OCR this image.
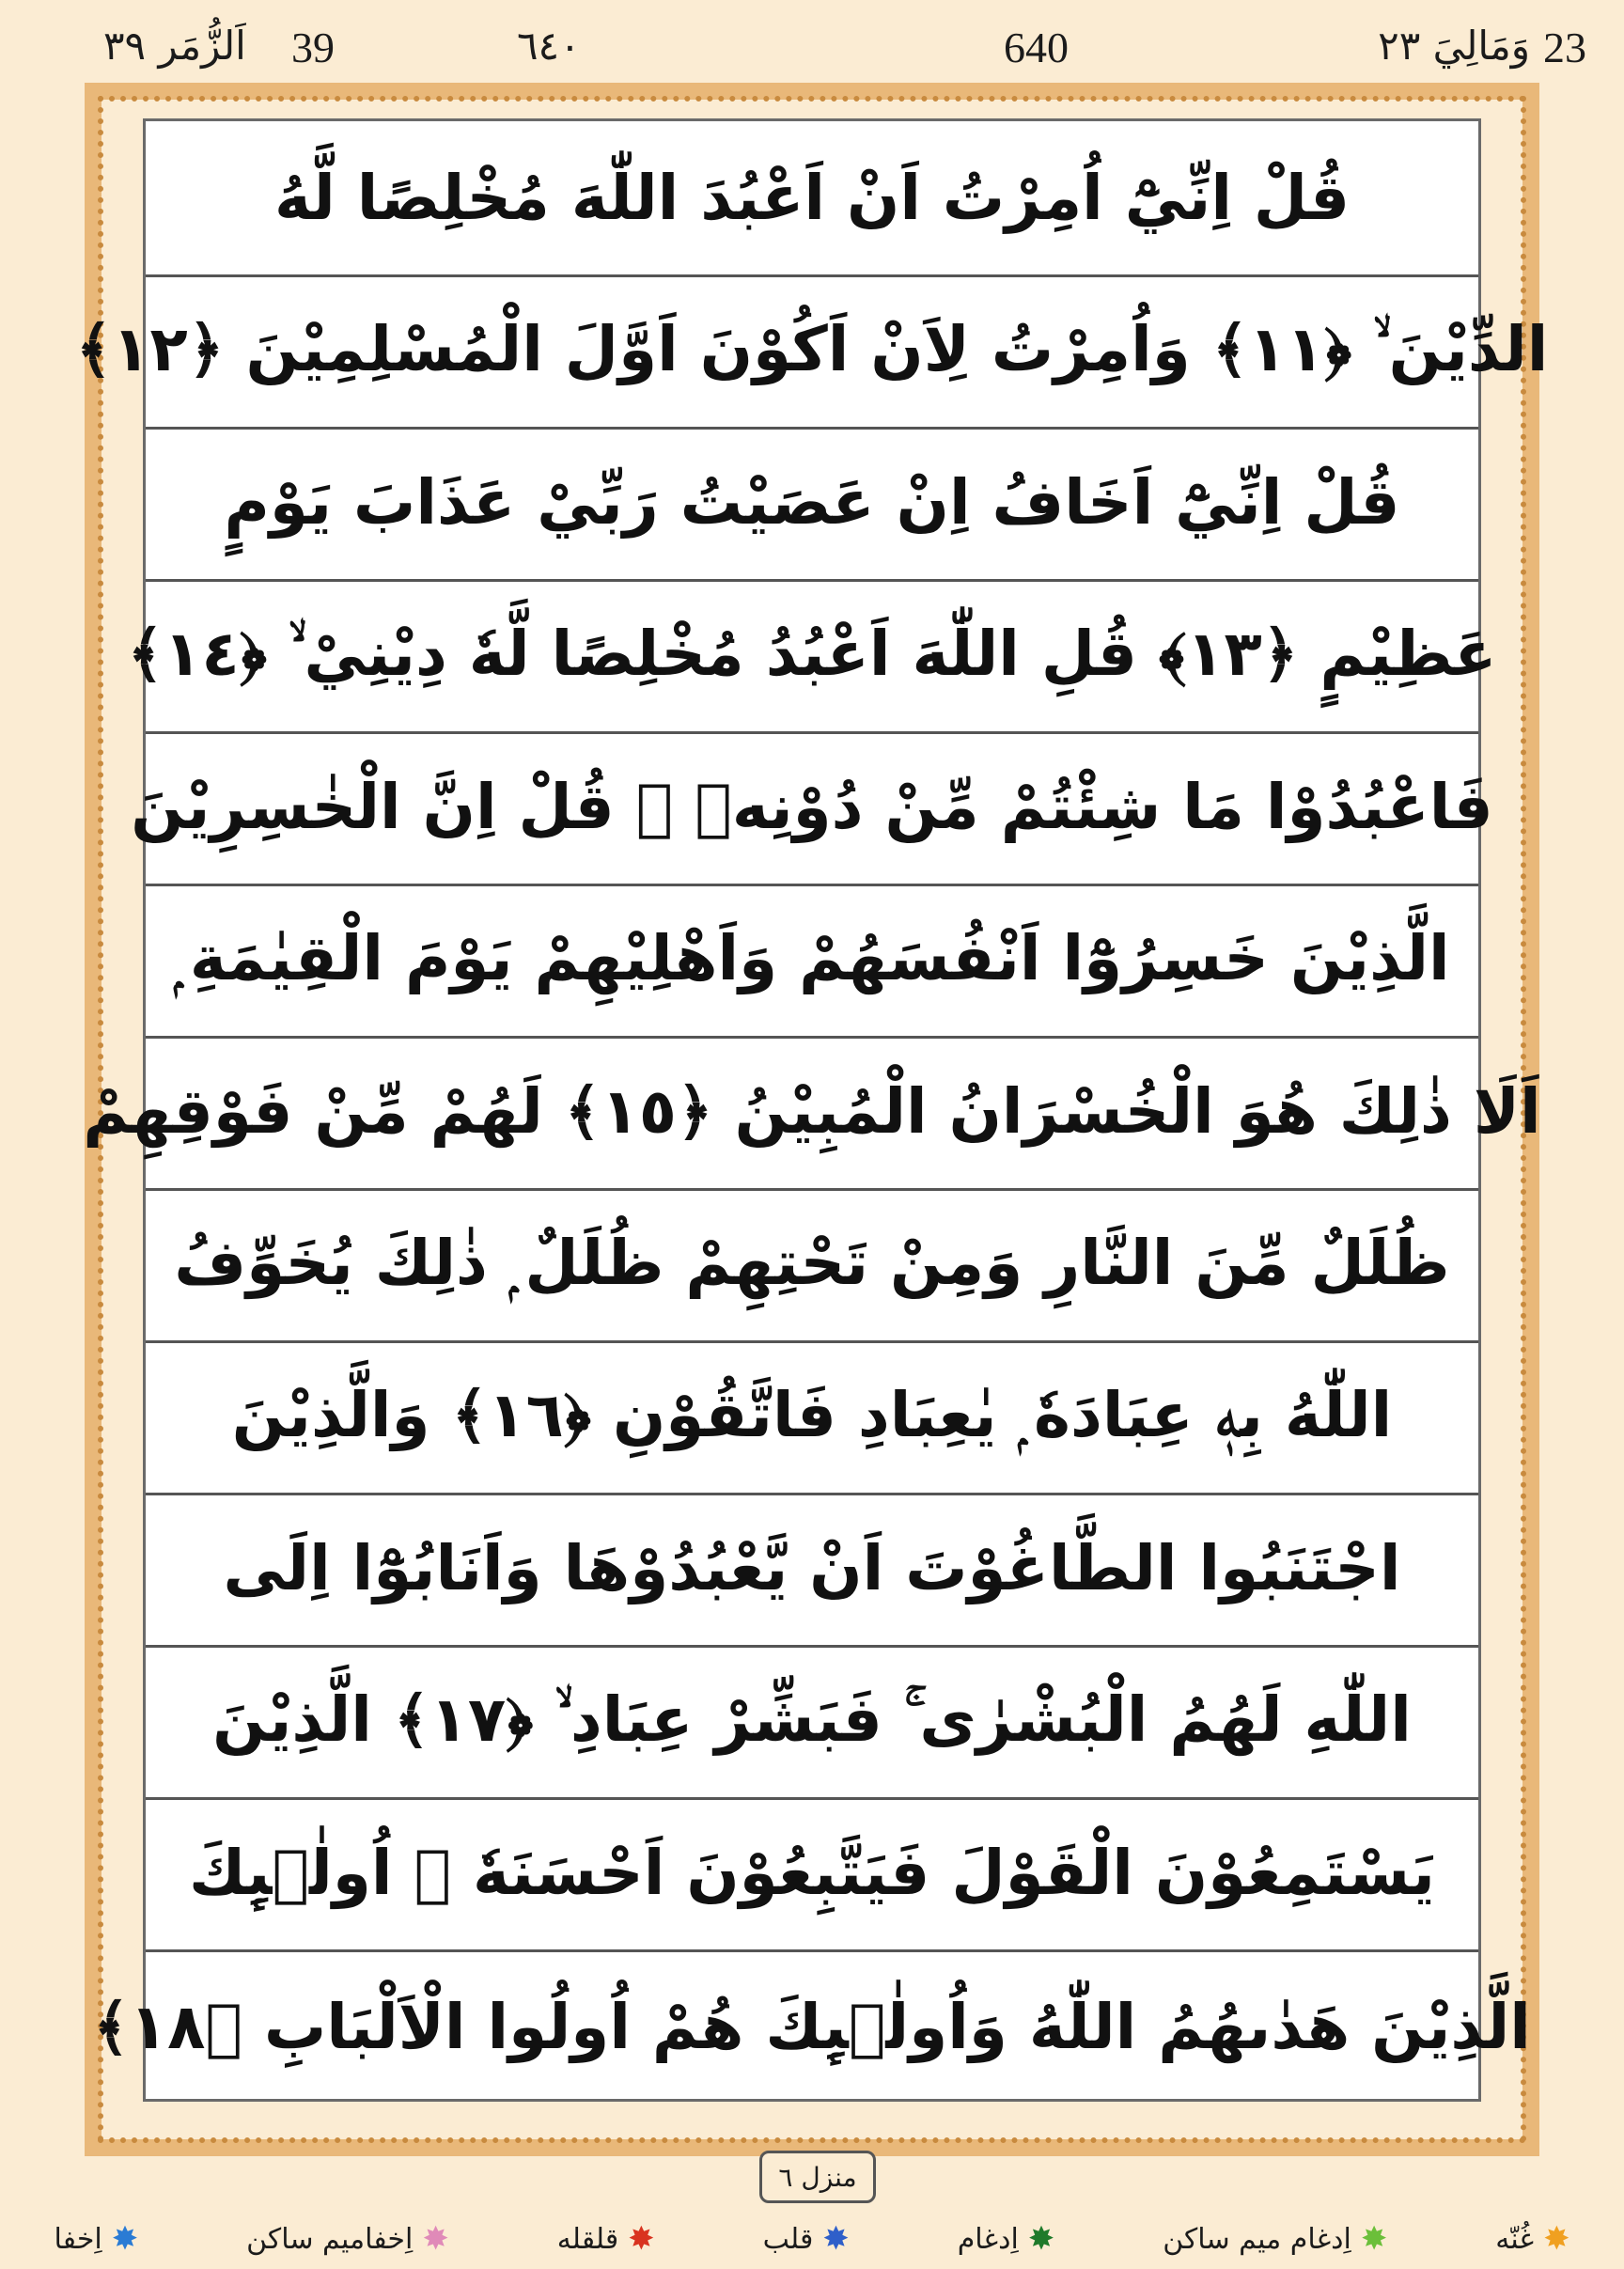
23
وَمَالِيَ ٢٣
640
٦٤٠
39
اَلزُّمَر ٣٩
قُلْ اِنِّيْٓ اُمِرْتُ اَنْ اَعْبُدَ اللّٰهَ مُخْلِصًا لَّهُ
الدِّيْنَ ۙ ﴿١١﴾ وَاُمِرْتُ لِاَنْ اَكُوْنَ اَوَّلَ الْمُسْلِمِيْنَ ﴿١٢﴾
قُلْ اِنِّيْٓ اَخَافُ اِنْ عَصَيْتُ رَبِّيْ عَذَابَ يَوْمٍ
عَظِيْمٍ ﴿١٣﴾ قُلِ اللّٰهَ اَعْبُدُ مُخْلِصًا لَّهٗ دِيْنِيْ ۙ ﴿١٤﴾
فَاعْبُدُوْا مَا شِئْتُمْ مِّنْ دُوْنِهٖ ۭ قُلْ اِنَّ الْخٰسِرِيْنَ
الَّذِيْنَ خَسِرُوْٓا اَنْفُسَهُمْ وَاَهْلِيْهِمْ يَوْمَ الْقِيٰمَةِ ۭ
اَلَا ذٰلِكَ هُوَ الْخُسْرَانُ الْمُبِيْنُ ﴿١٥﴾ لَهُمْ مِّنْ فَوْقِهِمْ
ظُلَلٌ مِّنَ النَّارِ وَمِنْ تَحْتِهِمْ ظُلَلٌ ۭ ذٰلِكَ يُخَوِّفُ
اللّٰهُ بِهٖ عِبَادَهٗ ۭ يٰعِبَادِ فَاتَّقُوْنِ ﴿١٦﴾ وَالَّذِيْنَ
اجْتَنَبُوا الطَّاغُوْتَ اَنْ يَّعْبُدُوْهَا وَاَنَابُوْٓا اِلَى
اللّٰهِ لَهُمُ الْبُشْرٰى ۚ فَبَشِّرْ عِبَادِ ۙ ﴿١٧﴾ الَّذِيْنَ
يَسْتَمِعُوْنَ الْقَوْلَ فَيَتَّبِعُوْنَ اَحْسَنَهٗ ۭ اُولٰۗىِٕكَ
الَّذِيْنَ هَدٰىهُمُ اللّٰهُ وَاُولٰۗىِٕكَ هُمْ اُولُوا الْاَلْبَابِ ﴿١٨﴾
منزل ٦
✸
اِخفا	✸
اِخفامیم ساکن	✸
قلقله	✸
قلب	✸
اِدغام	✸
اِدغام میم ساکن	✸
غُنّه
